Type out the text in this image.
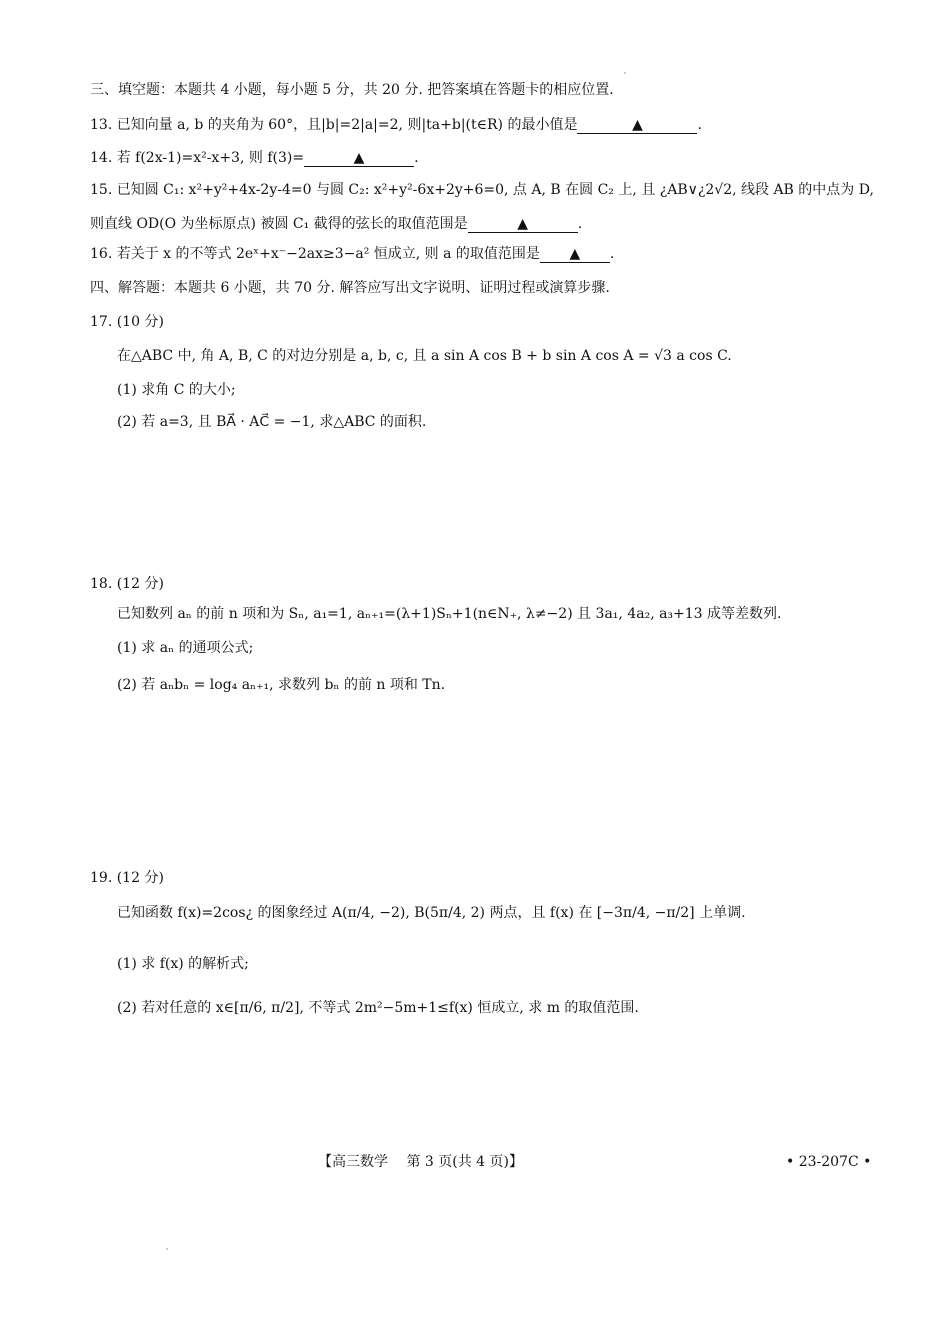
三、填空题：本题共 4 小题，每小题 5 分，共 20 分. 把答案填在答题卡的相应位置.
13. 已知向量 a, b 的夹角为 60°，且|b|=2|a|=2, 则|ta+b|(t∈R) 的最小值是	▲	.
14. 若 f(2x-1)=x²-x+3, 则 f(3)=	▲	.
15. 已知圆 C₁: x²+y²+4x-2y-4=0 与圆 C₂: x²+y²-6x+2y+6=0, 点 A, B 在圆 C₂ 上, 且 ¿AB∨¿2√2, 线段 AB 的中点为 D,
则直线 OD(O 为坐标原点) 被圆 C₁ 截得的弦长的取值范围是	▲	.
16. 若关于 x 的不等式 2eˣ+x⁻−2ax≥3−a² 恒成立, 则 a 的取值范围是 ▲ .
四、解答题：本题共 6 小题，共 70 分. 解答应写出文字说明、证明过程或演算步骤.
17. (10 分)
在△ABC 中, 角 A, B, C 的对边分别是 a, b, c, 且 a sin A cos B + b sin A cos A = √3 a cos C.
(1) 求角 C 的大小;
(2) 若 a=3, 且 BA⃗ · AC⃗ = −1, 求△ABC 的面积.
18. (12 分)
已知数列 aₙ 的前 n 项和为 Sₙ, a₁=1, aₙ₊₁=(λ+1)Sₙ+1(n∈N₊, λ≠−2) 且 3a₁, 4a₂, a₃+13 成等差数列.
(1) 求 aₙ 的通项公式;
(2) 若 aₙbₙ = log₄ aₙ₊₁, 求数列 bₙ 的前 n 项和 Tn.
19. (12 分)
已知函数 f(x)=2cos¿ 的图象经过 A(π/4, −2), B(5π/4, 2) 两点，且 f(x) 在 [−3π/4, −π/2] 上单调.
(1) 求 f(x) 的解析式;
(2) 若对任意的 x∈[π/6, π/2], 不等式 2m²−5m+1≤f(x) 恒成立, 求 m 的取值范围.
【高三数学　 第 3 页(共 4 页)】	• 23-207C •
